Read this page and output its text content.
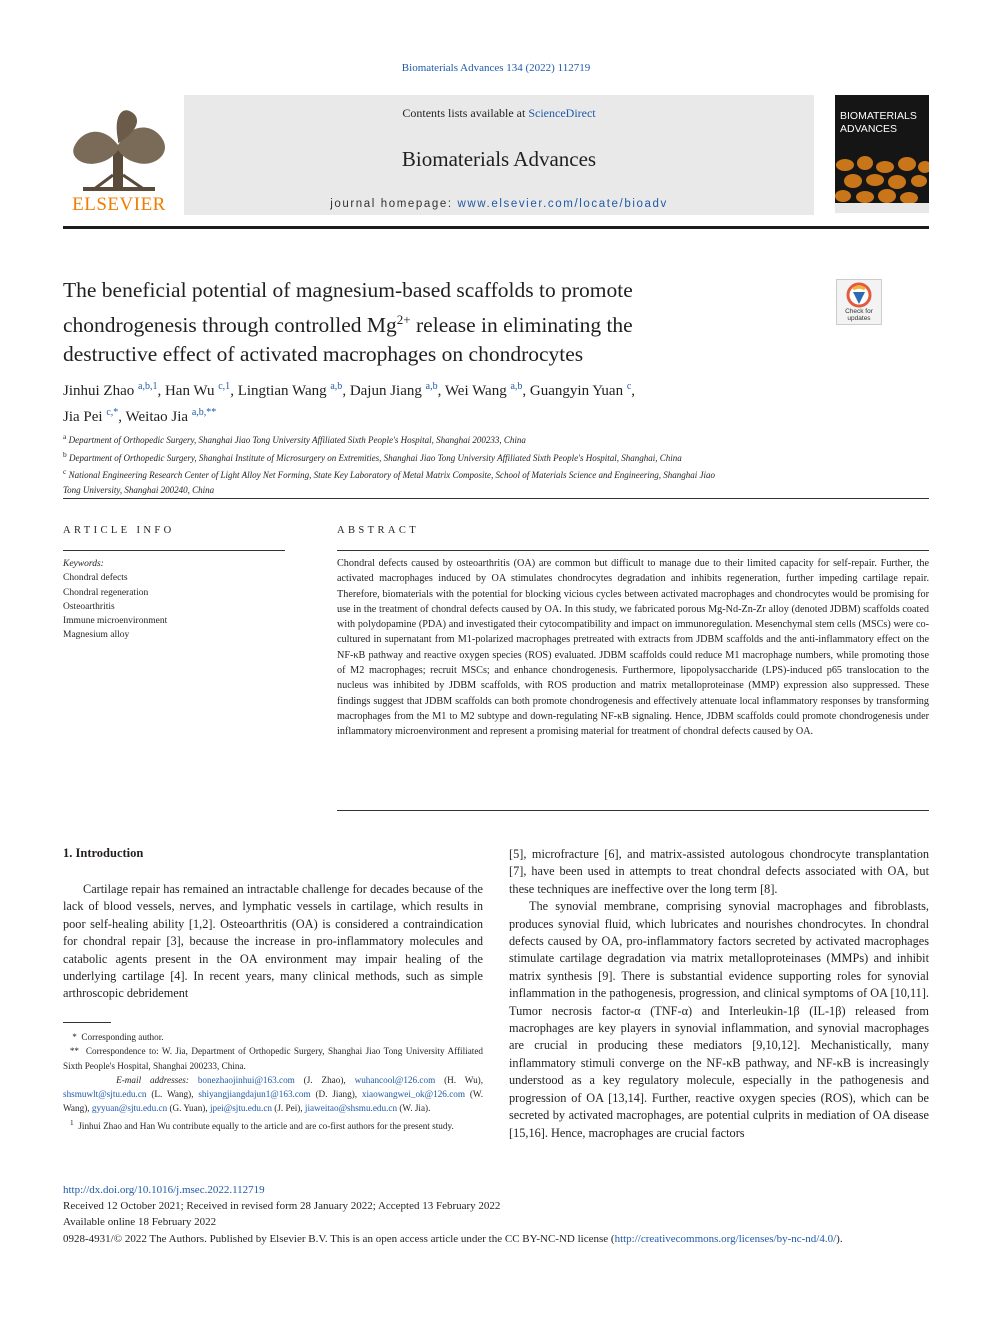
Biomaterials Advances 134 (2022) 112719
ELSEVIER
Contents lists available at ScienceDirect
Biomaterials Advances
journal homepage: www.elsevier.com/locate/bioadv
BIOMATERIALS
ADVANCES
The beneficial potential of magnesium-based scaffolds to promote
chondrogenesis through controlled $Mg^{2+}$ release in eliminating the
destructive effect of activated macrophages on chondrocytes
Check for
updates
Jinhui Zhao $^{a,b,1}$, Han Wu $^{c,1}$, Lingtian Wang $^{a,b}$, Dajun Jiang $^{a,b}$, Wei Wang $^{a,b}$, Guangyin Yuan $^c$,
Jia Pei $^{c,*}$, Weitao Jia $^{a,b,**}$
$^a$ Department of Orthopedic Surgery, Shanghai Jiao Tong University Affiliated Sixth People's Hospital, Shanghai 200233, China
$^b$ Department of Orthopedic Surgery, Shanghai Institute of Microsurgery on Extremities, Shanghai Jiao Tong University Affiliated Sixth People's Hospital, Shanghai, China
$^c$ National Engineering Research Center of Light Alloy Net Forming, State Key Laboratory of Metal Matrix Composite, School of Materials Science and Engineering, Shanghai Jiao
Tong University, Shanghai 200240, China
ARTICLE INFO
Keywords:
Chondral defects
Chondral regeneration
Osteoarthritis
Immune microenvironment
Magnesium alloy
ABSTRACT
Chondral defects caused by osteoarthritis (OA) are common but difficult to manage due to their limited capacity for self-repair. Further, the activated macrophages induced by OA stimulates chondrocytes degradation and inhibits regeneration, further impeding cartilage repair. Therefore, biomaterials with the potential for blocking vicious cycles between activated macrophages and chondrocytes would be promising for use in the treatment of chondral defects caused by OA. In this study, we fabricated porous Mg-Nd-Zn-Zr alloy (denoted JDBM) scaffolds coated with polydopamine (PDA) and investigated their cytocompatibility and impact on immunoregulation. Mesenchymal stem cells (MSCs) were co-cultured in supernatant from M1-polarized macrophages pretreated with extracts from JDBM scaffolds and the anti-inflammatory effect on the NF-κB pathway and reactive oxygen species (ROS) evaluated. JDBM scaffolds could reduce M1 macrophage numbers, while promoting those of M2 macrophages; recruit MSCs; and enhance chondrogenesis. Furthermore, lipopolysaccharide (LPS)-induced p65 translocation to the nucleus was inhibited by JDBM scaffolds, with ROS production and matrix metalloproteinase (MMP) expression also suppressed. These findings suggest that JDBM scaffolds can both promote chondrogenesis and effectively attenuate local inflammatory responses by transforming macrophages from the M1 to M2 subtype and down-regulating NF-κB signaling. Hence, JDBM scaffolds could promote chondrogenesis under inflammatory microenvironment and represent a promising material for treatment of chondral defects caused by OA.
1. Introduction

Cartilage repair has remained an intractable challenge for decades because of the lack of blood vessels, nerves, and lymphatic vessels in cartilage, which results in poor self-healing ability [1,2]. Osteoarthritis (OA) is considered a contraindication for chondral repair [3], because the increase in pro-inflammatory molecules and catabolic agents present in the OA environment may impair healing of the underlying cartilage [4]. In recent years, many clinical methods, such as simple arthroscopic debridement

[5], microfracture [6], and matrix-assisted autologous chondrocyte transplantation [7], have been used in attempts to treat chondral defects associated with OA, but these techniques are ineffective over the long term [8].

The synovial membrane, comprising synovial macrophages and fibroblasts, produces synovial fluid, which lubricates and nourishes chondrocytes. In chondral defects caused by OA, pro-inflammatory factors secreted by activated macrophages stimulate cartilage degradation via matrix metalloproteinases (MMPs) and inhibit matrix synthesis [9]. There is substantial evidence supporting roles for synovial inflammation in the pathogenesis, progression, and clinical symptoms of OA [10,11]. Tumor necrosis factor-α (TNF-α) and Interleukin-1β (IL-1β) released from macrophages are key players in synovial inflammation, and synovial macrophages are crucial in producing these mediators [9,10,12]. Mechanistically, many inflammatory stimuli converge on the NF-κB pathway, and NF-κB is increasingly understood as a key regulatory molecule, especially in the pathogenesis and progression of OA [13,14]. Further, reactive oxygen species (ROS), which can be secreted by activated macrophages, are potential culprits in mediation of OA disease [15,16]. Hence, macrophages are crucial factors

*  Corresponding author.
**  Correspondence to: W. Jia, Department of Orthopedic Surgery, Shanghai Jiao Tong University Affiliated Sixth People's Hospital, Shanghai 200233, China.
E-mail addresses: bonezhaojinhui@163.com (J. Zhao), wuhancool@126.com (H. Wu), shsmuwlt@sjtu.edu.cn (L. Wang), shiyangjiangdajun1@163.com (D. Jiang), xiaowangwei_ok@126.com (W. Wang), gyyuan@sjtu.edu.cn (G. Yuan), jpei@sjtu.edu.cn (J. Pei), jiaweitao@shsmu.edu.cn (W. Jia).
$^1$ Jinhui Zhao and Han Wu contribute equally to the article and are co-first authors for the present study.
http://dx.doi.org/10.1016/j.msec.2022.112719
Received 12 October 2021; Received in revised form 28 January 2022; Accepted 13 February 2022
Available online 18 February 2022
0928-4931/© 2022 The Authors. Published by Elsevier B.V. This is an open access article under the CC BY-NC-ND license (http://creativecommons.org/licenses/by-nc-nd/4.0/).
